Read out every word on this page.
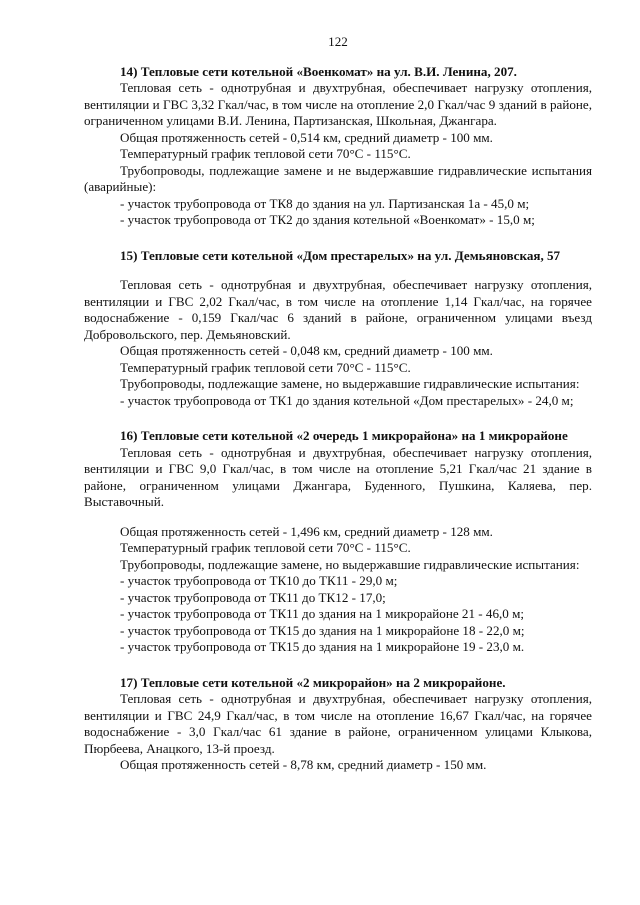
122

14) Тепловые сети котельной «Военкомат» на ул. В.И. Ленина, 207.

Тепловая сеть - однотрубная и двухтрубная, обеспечивает нагрузку отопления, вентиляции и ГВС 3,32 Гкал/час, в том числе на отопление 2,0 Гкал/час 9 зданий в районе, ограниченном улицами В.И. Ленина, Партизанская, Школьная, Джангара.

Общая протяженность сетей - 0,514 км, средний диаметр - 100 мм.

Температурный график тепловой сети 70°С - 115°С.

Трубопроводы, подлежащие замене и не выдержавшие гидравлические испытания (аварийные):

- участок трубопровода от ТК8 до здания на ул. Партизанская 1а - 45,0 м;

- участок трубопровода от ТК2 до здания котельной «Военкомат» - 15,0 м;

15) Тепловые сети котельной «Дом престарелых» на ул. Демьяновская, 57

Тепловая сеть - однотрубная и двухтрубная, обеспечивает нагрузку отопления, вентиляции и ГВС 2,02 Гкал/час, в том числе на отопление 1,14 Гкал/час, на горячее водоснабжение - 0,159 Гкал/час 6 зданий в районе, ограниченном улицами въезд Добровольского, пер. Демьяновский.

Общая протяженность сетей - 0,048 км, средний диаметр - 100 мм.

Температурный график тепловой сети 70°С - 115°С.

Трубопроводы, подлежащие замене, но выдержавшие гидравлические испытания:

- участок трубопровода от ТК1 до здания котельной «Дом престарелых» - 24,0 м;

16) Тепловые сети котельной «2 очередь 1 микрорайона» на 1 микрорайоне

Тепловая сеть - однотрубная и двухтрубная, обеспечивает нагрузку отопления, вентиляции и ГВС 9,0 Гкал/час, в том числе на отопление 5,21 Гкал/час 21 здание в районе, ограниченном улицами Джангара, Буденного, Пушкина, Каляева, пер. Выставочный.

Общая протяженность сетей - 1,496 км, средний диаметр - 128 мм.

Температурный график тепловой сети 70°С - 115°С.

Трубопроводы, подлежащие замене, но выдержавшие гидравлические испытания:

- участок трубопровода от ТК10 до ТК11 - 29,0 м;

- участок трубопровода от ТК11 до ТК12 - 17,0;

- участок трубопровода от ТК11 до здания на 1 микрорайоне 21 - 46,0 м;

- участок трубопровода от ТК15 до здания на 1 микрорайоне 18 - 22,0 м;

- участок трубопровода от ТК15 до здания на 1 микрорайоне 19 - 23,0 м.

17) Тепловые сети котельной «2 микрорайон» на 2 микрорайоне.

Тепловая сеть - однотрубная и двухтрубная, обеспечивает нагрузку отопления, вентиляции и ГВС 24,9 Гкал/час, в том числе на отопление 16,67 Гкал/час, на горячее водоснабжение - 3,0 Гкал/час 61 здание в районе, ограниченном улицами Клыкова, Пюрбеева, Анацкого, 13-й проезд.

Общая протяженность сетей - 8,78 км, средний диаметр - 150 мм.
